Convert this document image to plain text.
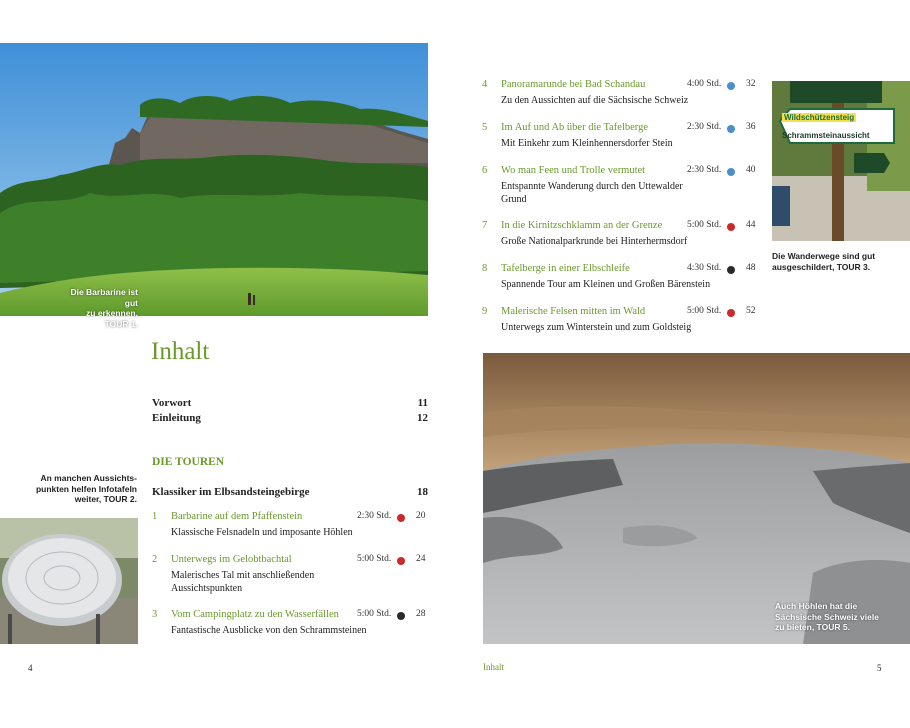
Die Barbarine ist gut
zu erkennen, TOUR 1.
Inhalt
Vorwort	11
Einleitung	12
DIE TOUREN
Klassiker im Elbsandsteingebirge	18
An manchen Aussichts-
punkten helfen Infotafeln
weiter, TOUR 2.
1 Barbarine auf dem Pfaffenstein	2:30 Std.	20
Klassische Felsnadeln und imposante Höhlen
2 Unterwegs im Gelobtbachtal	5:00 Std.	24
Malerisches Tal mit anschließenden
Aussichtspunkten
3 Vom Campingplatz zu den Wasserfällen 5:00 Std.	28
Fantastische Ausblicke von den Schrammsteinen
4
4 Panoramarunde bei Bad Schandau	4:00 Std.	32
Zu den Aussichten auf die Sächsische Schweiz
5 Im Auf und Ab über die Tafelberge	2:30 Std.	36
Mit Einkehr zum Kleinhennersdorfer Stein
6 Wo man Feen und Trolle vermutet	2:30 Std.	40
Entspannte Wanderung durch den Uttewalder
Grund
7 In die Kirnitzschklamm an der Grenze	5:00 Std.	44
Große Nationalparkrunde bei Hinterhermsdorf
8 Tafelberge in einer Elbschleife	4:30 Std.	48
Spannende Tour am Kleinen und Großen Bärenstein
9 Malerische Felsen mitten im Wald	5:00 Std.	52
Unterwegs zum Winterstein und zum Goldsteig
Wildschützensteig
Schrammsteinaussicht
Die Wanderwege sind gut
ausgeschildert, TOUR 3.
Auch Höhlen hat die
Sächsische Schweiz viele
zu bieten, TOUR 5.
Inhalt	5
